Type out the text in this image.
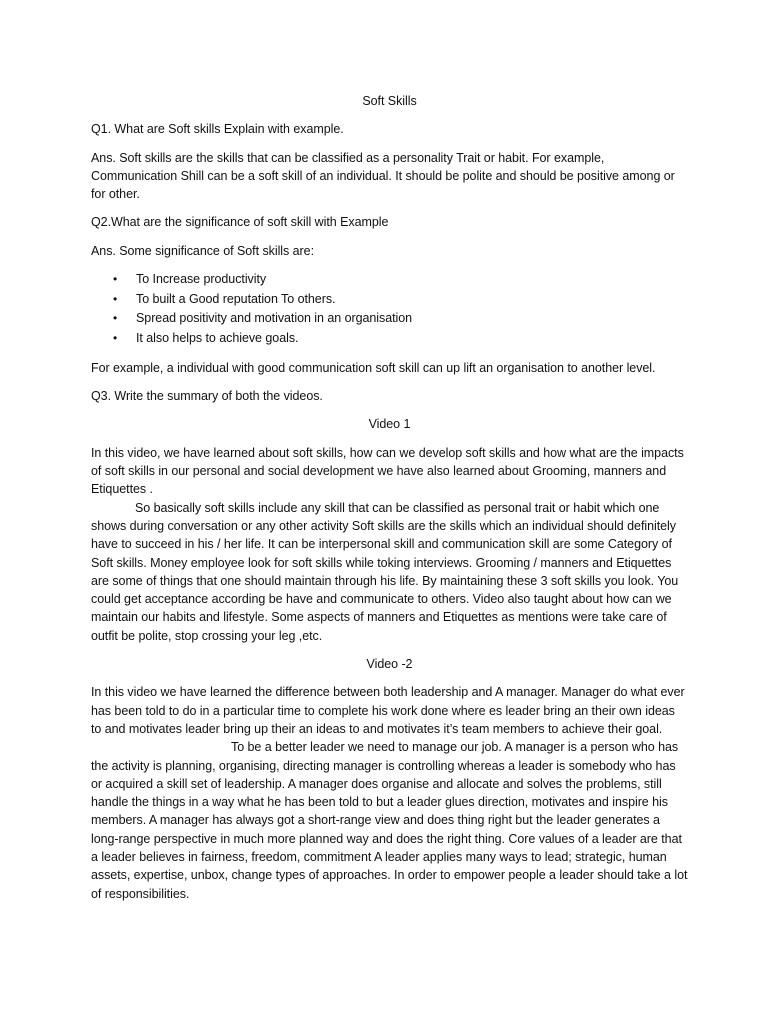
Soft Skills

Q1. What are Soft skills Explain with example.

Ans. Soft skills are the skills that can be classified as a personality Trait or habit. For example, Communication Shill can be a soft skill of an individual. It should be polite and should be positive among or for other.

Q2.What are the significance of soft skill with Example

Ans. Some significance of Soft skills are:

• To Increase productivity
• To built a Good reputation To others.
• Spread positivity and motivation in an organisation
• It also helps to achieve goals.

For example, a individual with good communication soft skill can up lift an organisation to another level.

Q3. Write the summary of both the videos.

Video 1

In this video, we have learned about soft skills, how can we develop soft skills and how what are the impacts of soft skills in our personal and social development we have also learned about Grooming, manners and Etiquettes .

So basically soft skills include any skill that can be classified as personal trait or habit which one shows during conversation or any other activity Soft skills are the skills which an individual should definitely have to succeed in his / her life. It can be interpersonal skill and communication skill are some Category of Soft skills. Money employee look for soft skills while toking interviews. Grooming / manners and Etiquettes are some of things that one should maintain through his life. By maintaining these 3 soft skills you look. You could get acceptance according be have and communicate to others. Video also taught about how can we maintain our habits and lifestyle. Some aspects of manners and Etiquettes as mentions were take care of outfit be polite, stop crossing your leg ,etc.

Video -2

In this video we have learned the difference between both leadership and A manager. Manager do what ever has been told to do in a particular time to complete his work done where es leader bring an their own ideas to and motivates leader bring up their an ideas to and motivates it’s team members to achieve their goal.To be a better leader we need to manage our job. A manager is a person who has the activity is planning, organising, directing manager is controlling whereas a leader is somebody who has or acquired a skill set of leadership. A manager does organise and allocate and solves the problems, still handle the things in a way what he has been told to but a leader glues direction, motivates and inspire his members. A manager has always got a short-range view and does thing right but the leader generates a long-range perspective in much more planned way and does the right thing. Core values of a leader are that a leader believes in fairness, freedom, commitment A leader applies many ways to lead; strategic, human assets, expertise, unbox, change types of approaches. In order to empower people a leader should take a lot of responsibilities.
